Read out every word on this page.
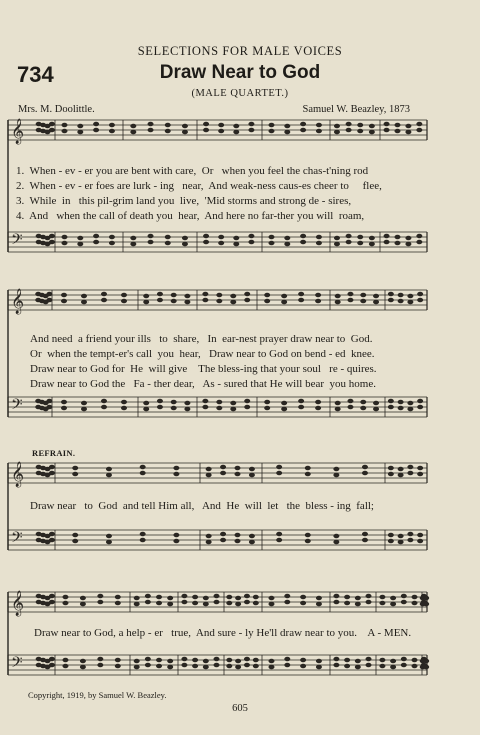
SELECTIONS FOR MALE VOICES
734	Draw Near to God
(MALE QUARTET.)
Mrs. M. Doolittle.	Samuel W. Beazley, 1873
𝄞
𝄢
𝄞
𝄢
𝄞
𝄢
𝄞
𝄢
1.  When - ev - er you are bent with care,  Or   when you feel the chas-t'ning rod
2.  When - ev - er foes are lurk - ing   near,  And weak-ness caus-es cheer to     flee,
3.  While  in   this pil-grim land you  live,  'Mid storms and strong de - sires,
4.  And   when the call of death you  hear,  And here no far-ther you will  roam,
And need  a friend your ills   to  share,   In  ear-nest prayer draw near to  God.
Or  when the tempt-er's call  you  hear,   Draw near to God on bend - ed  knee.
Draw near to God for  He  will give    The bless-ing that your soul   re - quires.
Draw near to God the   Fa - ther dear,   As - sured that He will bear  you home.
REFRAIN.
Draw near   to  God  and tell Him all,   And  He  will  let   the  bless - ing  fall;
Draw near to God, a help - er   true,  And sure - ly He'll draw near to you.    A - MEN.
Copyright, 1919, by Samuel W. Beazley.
605
